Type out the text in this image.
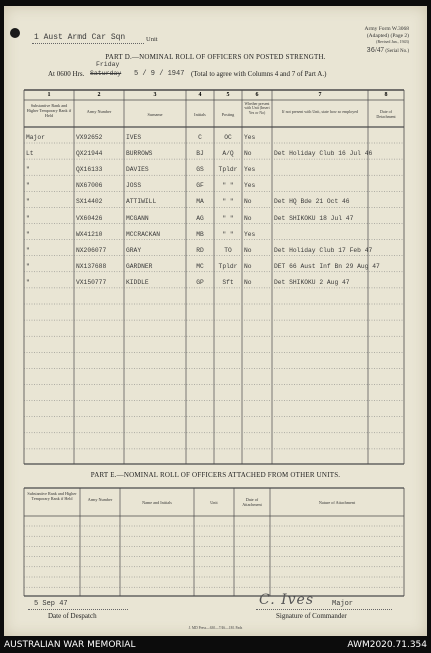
Army Form W.3068
(Adapted) (Page 2)
(Revised Jan., 1943)
36/47 (Serial No.)
1 Aust Armd Car Sqn	Unit
PART D.—NOMINAL ROLL OF OFFICERS ON POSTED STRENGTH.
At 0600 Hrs.
Friday
Saturday 5 / 9 / 1947 (Total to agree with Columns 4 and 7 of Part A.)
1	2	3	4	5	6	7	8
Substantive Rank and Higher Temporary Rank if Held
Army Number
Surname	Initials	Posting
Whether present with Unit (Insert Yes or No)	If not present with Unit, state how so employed	Date of Detachment
Major	VX92652	IVES	C	OC	Yes
Lt	QX21944	BURROWS	BJ	A/Q	No	Det Holiday Club 16 Jul 46
"	QX16133	DAVIES	GS	Tpldr	Yes
"	NX67006	JOSS	GF	" "	Yes
"	SX14402	ATTIWILL	MA	" "	No	Det HQ Bde 21 Oct 46
"	VX60426	MCGANN	AG	" "	No	Det SHIKOKU 18 Jul 47
"	WX41210	MCCRACKAN	MB	" "	Yes
"	NX206077	GRAY	RD	TO	No	Det Holiday Club 17 Feb 47
"	NX137688	GARDNER	MC	Tpldr	No	DET 66 Aust Inf Bn 29 Aug 47
"	VX150777	KIDDLE	GP	Sft	No	Det SHIKOKU 2 Aug 47
PART E.—NOMINAL ROLL OF OFFICERS ATTACHED FROM OTHER UNITS.
Substantive Rank and Higher Temporary Rank if Held	Army Number
Name and Initials	Unit
Date of Attachment	Nature of Attachment
5 Sep 47
Date of Despatch
C. Ives	Major
Signature of Commander
J. MD Press—630—7/46—1M. Pads
AUSTRALIAN WAR MEMORIAL	AWM2020.71.354
